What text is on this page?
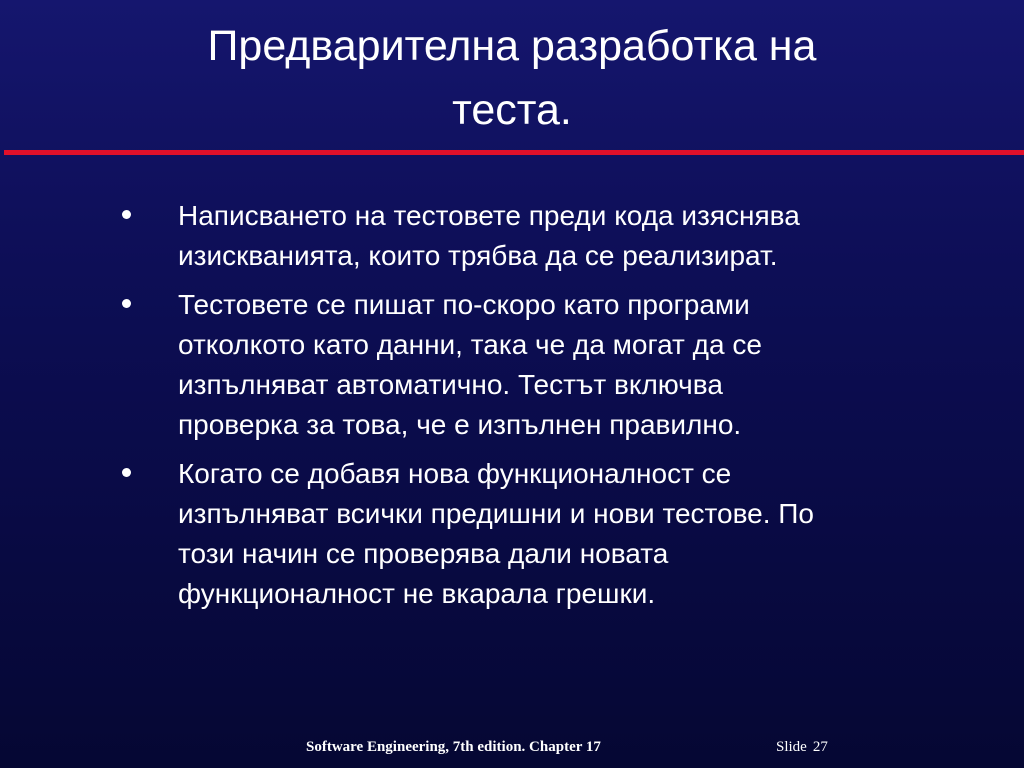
Предварителна разработка на
теста.
Написването на тестовете преди кода изяснява
изискванията, които трябва да се реализират.
Тестовете се пишат по-скоро като програми
отколкото като данни, така че да могат да се
изпълняват автоматично. Тестът включва
проверка за това, че е изпълнен правилно.
Когато се добавя нова функционалност се
изпълняват всички предишни и нови тестове. По
този начин се проверява дали новата
функционалност не вкарала грешки.
Software Engineering, 7th edition. Chapter 17	Slide 27
